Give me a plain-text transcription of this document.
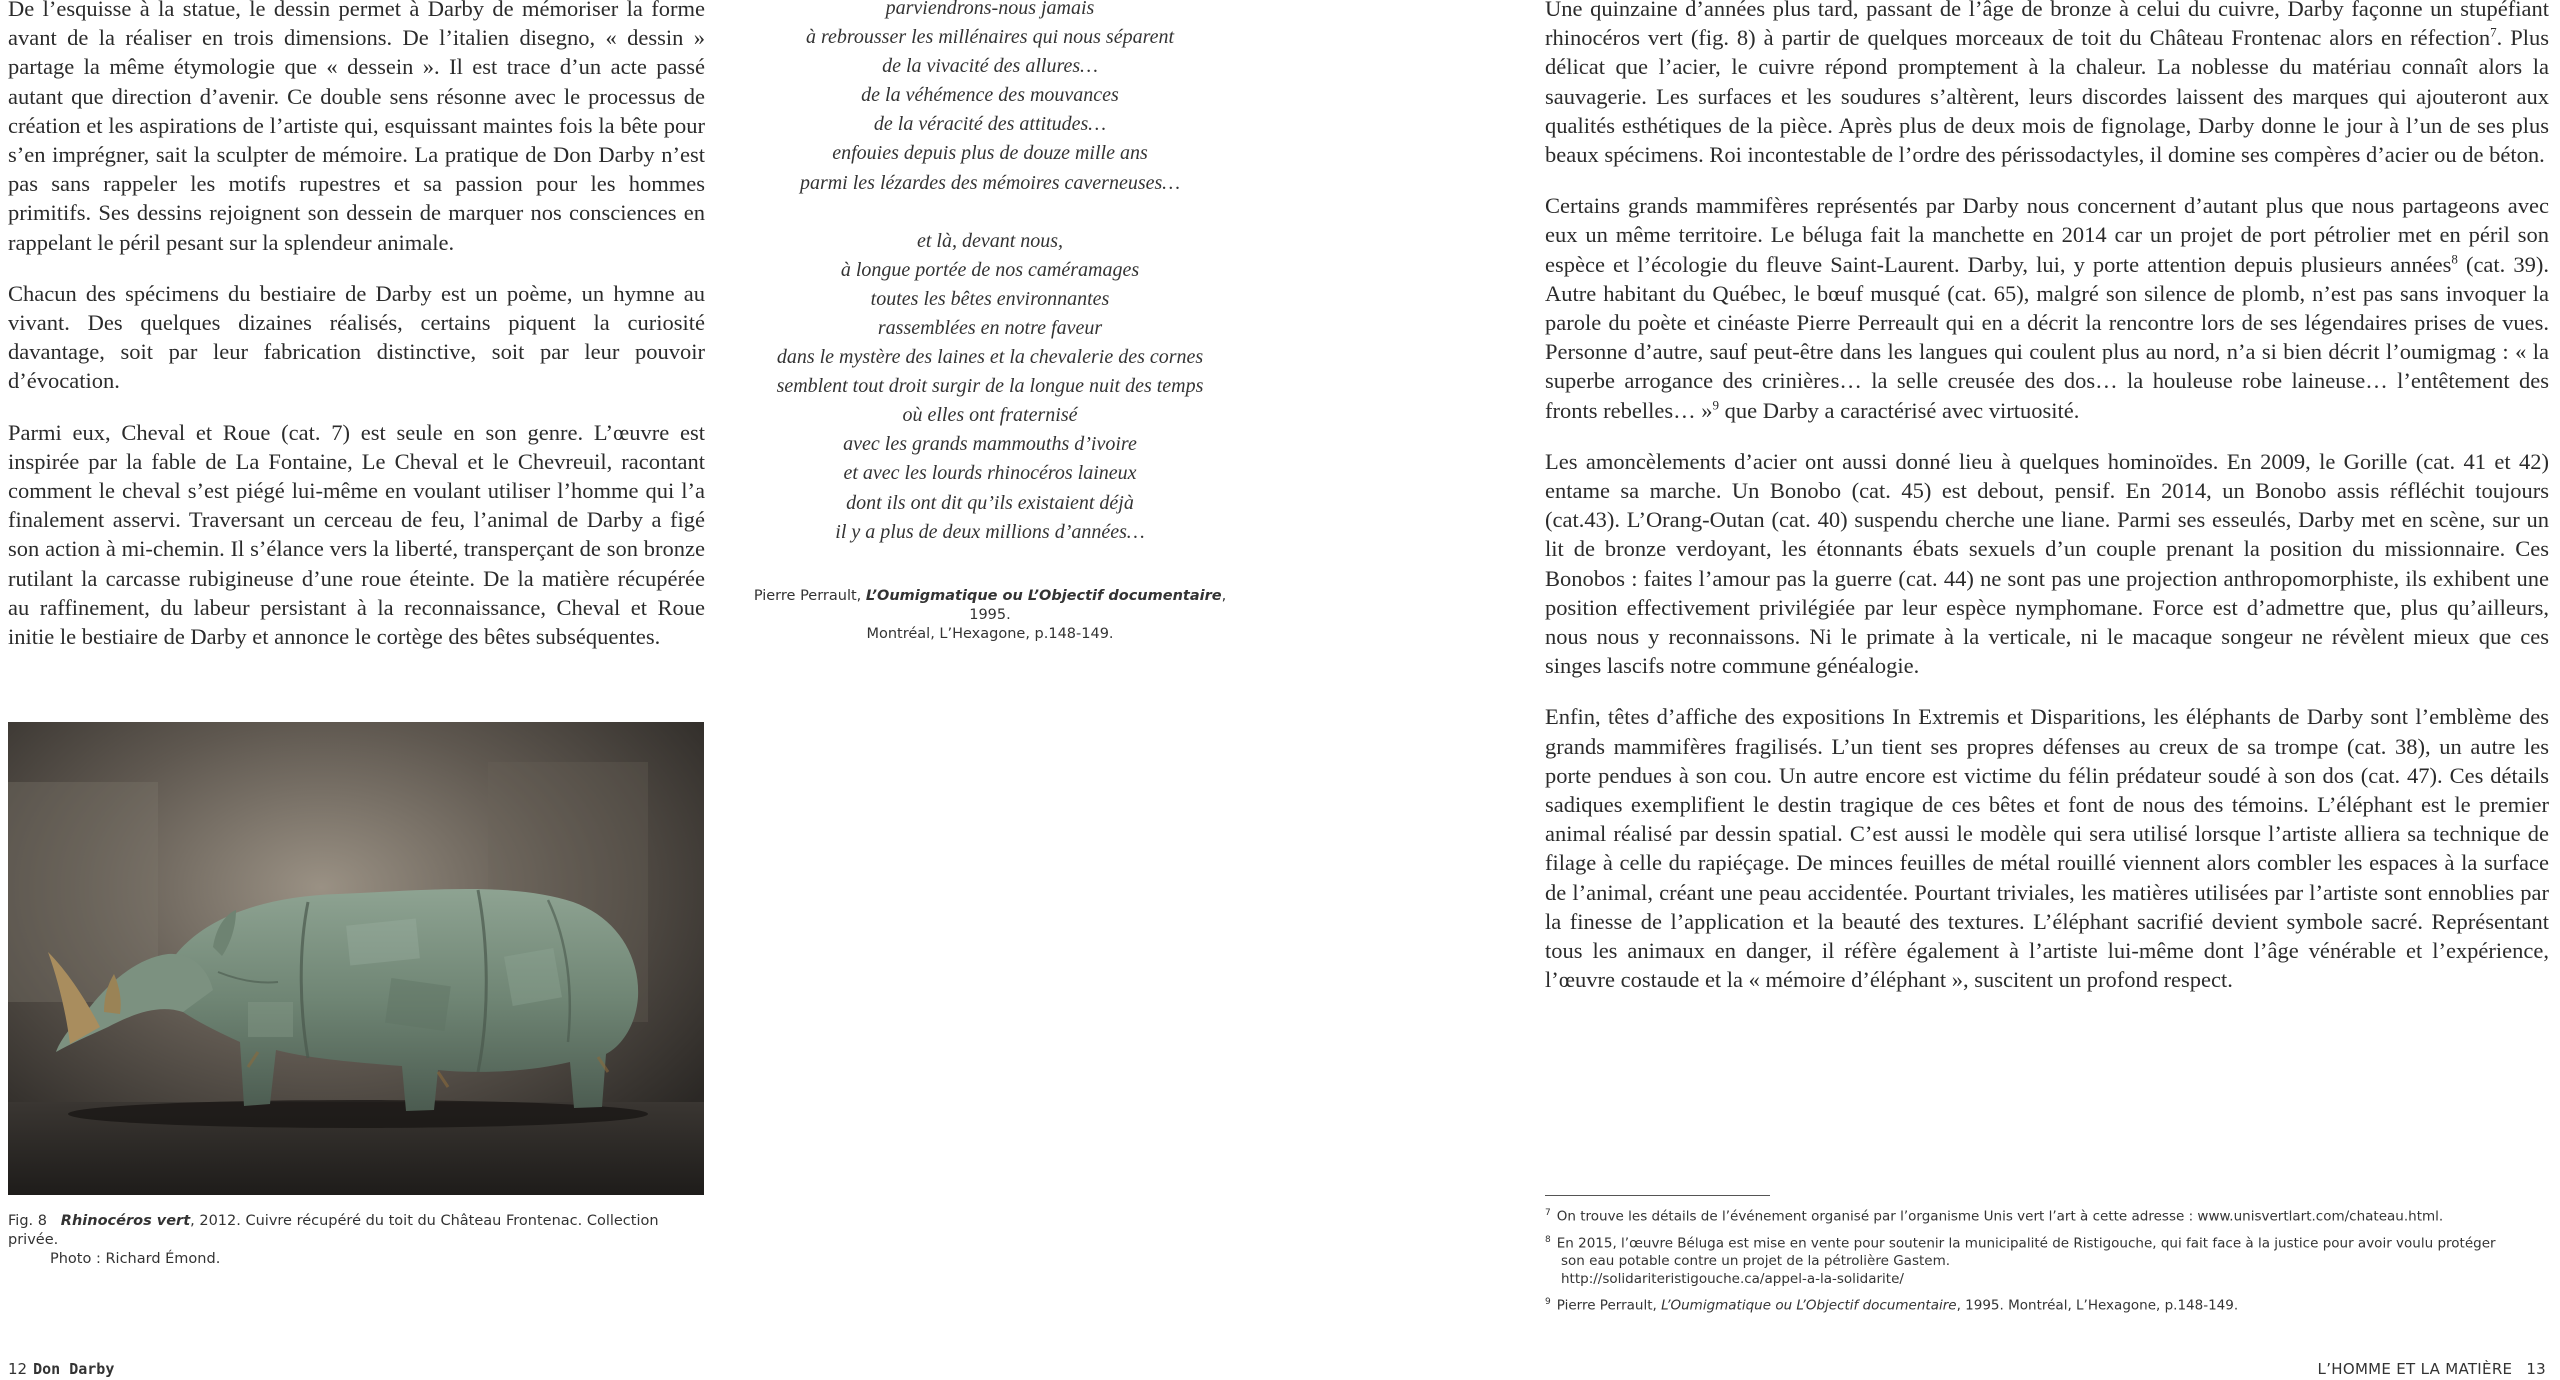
De l’esquisse à la statue, le dessin permet à Darby de mémoriser la forme avant de la réaliser en trois dimensions. De l’italien disegno, « dessin » partage la même étymologie que « dessein ». Il est trace d’un acte passé autant que direction d’avenir. Ce double sens résonne avec le processus de création et les aspirations de l’artiste qui, esquissant maintes fois la bête pour s’en imprégner, sait la sculpter de mémoire. La pratique de Don Darby n’est pas sans rappeler les motifs rupestres et sa passion pour les hommes primitifs. Ses dessins rejoignent son dessein de marquer nos consciences en rappelant le péril pesant sur la splendeur animale.

Chacun des spécimens du bestiaire de Darby est un poème, un hymne au vivant. Des quelques dizaines réalisés, certains piquent la curiosité davantage, soit par leur fabrication distinctive, soit par leur pouvoir d’évocation.

Parmi eux, Cheval et Roue (cat. 7) est seule en son genre. L’œuvre est inspirée par la fable de La Fontaine, Le Cheval et le Chevreuil, racontant comment le cheval s’est piégé lui-même en voulant utiliser l’homme qui l’a finalement asservi. Traversant un cerceau de feu, l’animal de Darby a figé son action à mi-chemin. Il s’élance vers la liberté, transperçant de son bronze rutilant la carcasse rubigineuse d’une roue éteinte. De la matière récupérée au raffinement, du labeur persistant à la reconnaissance, Cheval et Roue initie le bestiaire de Darby et annonce le cortège des bêtes subséquentes.

Fig. 8 Rhinocéros vert, 2012. Cuivre récupéré du toit du Château Frontenac. Collection privée.
Photo : Richard Émond.
parviendrons-nous jamais
à rebrousser les millénaires qui nous séparent
de la vivacité des allures…
de la véhémence des mouvances
de la véracité des attitudes…
enfouies depuis plus de douze mille ans
parmi les lézardes des mémoires caverneuses…
et là, devant nous,
à longue portée de nos caméramages
toutes les bêtes environnantes
rassemblées en notre faveur
dans le mystère des laines et la chevalerie des cornes
semblent tout droit surgir de la longue nuit des temps
où elles ont fraternisé
avec les grands mammouths d’ivoire
et avec les lourds rhinocéros laineux
dont ils ont dit qu’ils existaient déjà
il y a plus de deux millions d’années…
Pierre Perrault, L’Oumigmatique ou L’Objectif documentaire, 1995.
Montréal, L’Hexagone, p.148-149.

Une quinzaine d’années plus tard, passant de l’âge de bronze à celui du cuivre, Darby façonne un stupéfiant rhinocéros vert (fig. 8) à partir de quelques morceaux de toit du Château Frontenac alors en réfection$^7$. Plus délicat que l’acier, le cuivre répond promptement à la chaleur. La noblesse du matériau connaît alors la sauvagerie. Les surfaces et les soudures s’altèrent, leurs discordes laissent des marques qui ajouteront aux qualités esthétiques de la pièce. Après plus de deux mois de fignolage, Darby donne le jour à l’un de ses plus beaux spécimens. Roi incontestable de l’ordre des périssodactyles, il domine ses compères d’acier ou de béton.

Certains grands mammifères représentés par Darby nous concernent d’autant plus que nous partageons avec eux un même territoire. Le béluga fait la manchette en 2014 car un projet de port pétrolier met en péril son espèce et l’écologie du fleuve Saint-Laurent. Darby, lui, y porte attention depuis plusieurs années$^8$ (cat. 39). Autre habitant du Québec, le bœuf musqué (cat. 65), malgré son silence de plomb, n’est pas sans invoquer la parole du poète et cinéaste Pierre Perreault qui en a décrit la rencontre lors de ses légendaires prises de vues. Personne d’autre, sauf peut-être dans les langues qui coulent plus au nord, n’a si bien décrit l’oumigmag : « la superbe arrogance des crinières… la selle creusée des dos… la houleuse robe laineuse… l’entêtement des fronts rebelles… »$^9$ que Darby a caractérisé avec virtuosité.

Les amoncèlements d’acier ont aussi donné lieu à quelques hominoïdes. En 2009, le Gorille (cat. 41 et 42) entame sa marche. Un Bonobo (cat. 45) est debout, pensif. En 2014, un Bonobo assis réfléchit toujours (cat.43). L’Orang-Outan (cat. 40) suspendu cherche une liane. Parmi ses esseulés, Darby met en scène, sur un lit de bronze verdoyant, les étonnants ébats sexuels d’un couple prenant la position du missionnaire. Ces Bonobos : faites l’amour pas la guerre (cat. 44) ne sont pas une projection anthropomorphiste, ils exhibent une position effectivement privilégiée par leur espèce nymphomane. Force est d’admettre que, plus qu’ailleurs, nous nous y reconnaissons. Ni le primate à la verticale, ni le macaque songeur ne révèlent mieux que ces singes lascifs notre commune généalogie.

Enfin, têtes d’affiche des expositions In Extremis et Disparitions, les éléphants de Darby sont l’emblème des grands mammifères fragilisés. L’un tient ses propres défenses au creux de sa trompe (cat. 38), un autre les porte pendues à son cou. Un autre encore est victime du félin prédateur soudé à son dos (cat. 47). Ces détails sadiques exemplifient le destin tragique de ces bêtes et font de nous des témoins. L’éléphant est le premier animal réalisé par dessin spatial. C’est aussi le modèle qui sera utilisé lorsque l’artiste alliera sa technique de filage à celle du rapiéçage. De minces feuilles de métal rouillé viennent alors combler les espaces à la surface de l’animal, créant une peau accidentée. Pourtant triviales, les matières utilisées par l’artiste sont ennoblies par la finesse de l’application et la beauté des textures. L’éléphant sacrifié devient symbole sacré. Représentant tous les animaux en danger, il réfère également à l’artiste lui-même dont l’âge vénérable et l’expérience, l’œuvre costaude et la « mémoire d’éléphant », suscitent un profond respect.

$^7$ On trouve les détails de l’événement organisé par l’organisme Unis vert l’art à cette adresse : www.unisvertlart.com/chateau.html.
$^8$ En 2015, l’œuvre Béluga est mise en vente pour soutenir la municipalité de Ristigouche, qui fait face à la justice pour avoir voulu protéger
son eau potable contre un projet de la pétrolière Gastem.
http://solidariteristigouche.ca/appel-a-la-solidarite/
$^9$ Pierre Perrault, L’Oumigmatique ou L’Objectif documentaire, 1995. Montréal, L’Hexagone, p.148-149.
12 Don Darby	L’HOMME ET LA MATIÈRE 13
